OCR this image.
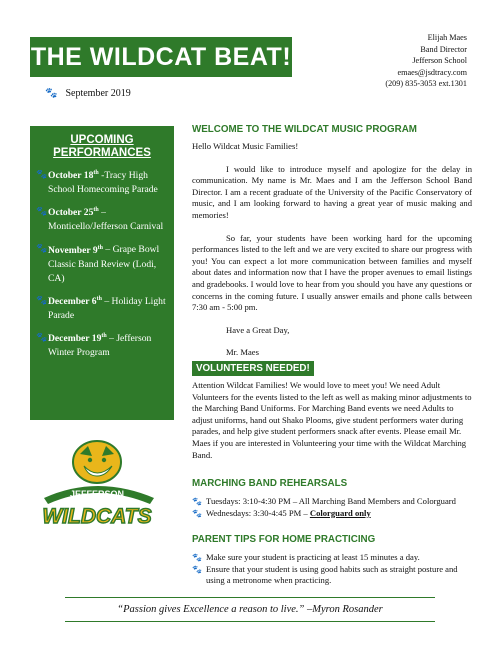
THE WILDCAT BEAT!
Elijah Maes
Band Director
Jefferson School
emaes@jsdtracy.com
(209) 835-3053 ext.1301
🐾 September 2019
UPCOMING PERFORMANCES
🐾 October 18th -Tracy High School Homecoming Parade
🐾 October 25th – Monticello/Jefferson Carnival
🐾 November 9th – Grape Bowl Classic Band Review (Lodi, CA)
🐾 December 6th – Holiday Light Parade
🐾 December 19th – Jefferson Winter Program
JEFFERSON
WILDCATS
WELCOME TO THE WILDCAT MUSIC PROGRAM
Hello Wildcat Music Families!
I would like to introduce myself and apologize for the delay in communication. My name is Mr. Maes and I am the Jefferson School Band Director. I am a recent graduate of the University of the Pacific Conservatory of music, and I am looking forward to having a great year of music making and memories!
So far, your students have been working hard for the upcoming performances listed to the left and we are very excited to share our progress with you! You can expect a lot more communication between families and myself about dates and information now that I have the proper avenues to email listings and gradebooks. I would love to hear from you should you have any questions or concerns in the coming future. I usually answer emails and phone calls between 7:30 am - 5:00 pm.
Have a Great Day,
Mr. Maes
VOLUNTEERS NEEDED!
Attention Wildcat Families! We would love to meet you! We need Adult Volunteers for the events listed to the left as well as making minor adjustments to the Marching Band Uniforms. For Marching Band events we need Adults to adjust uniforms, hand out Shako Plooms, give student performers water during parades, and help give student performers snack after events. Please email Mr. Maes if you are interested in Volunteering your time with the Wildcat Marching Band.
MARCHING BAND REHEARSALS
🐾 Tuesdays: 3:10-4:30 PM – All Marching Band Members and Colorguard
🐾 Wednesdays: 3:30-4:45 PM – Colorguard only
PARENT TIPS FOR HOME PRACTICING
🐾 Make sure your student is practicing at least 15 minutes a day.
🐾 Ensure that your student is using good habits such as straight posture and using a metronome when practicing.
“Passion gives Excellence a reason to live.” –Myron Rosander
